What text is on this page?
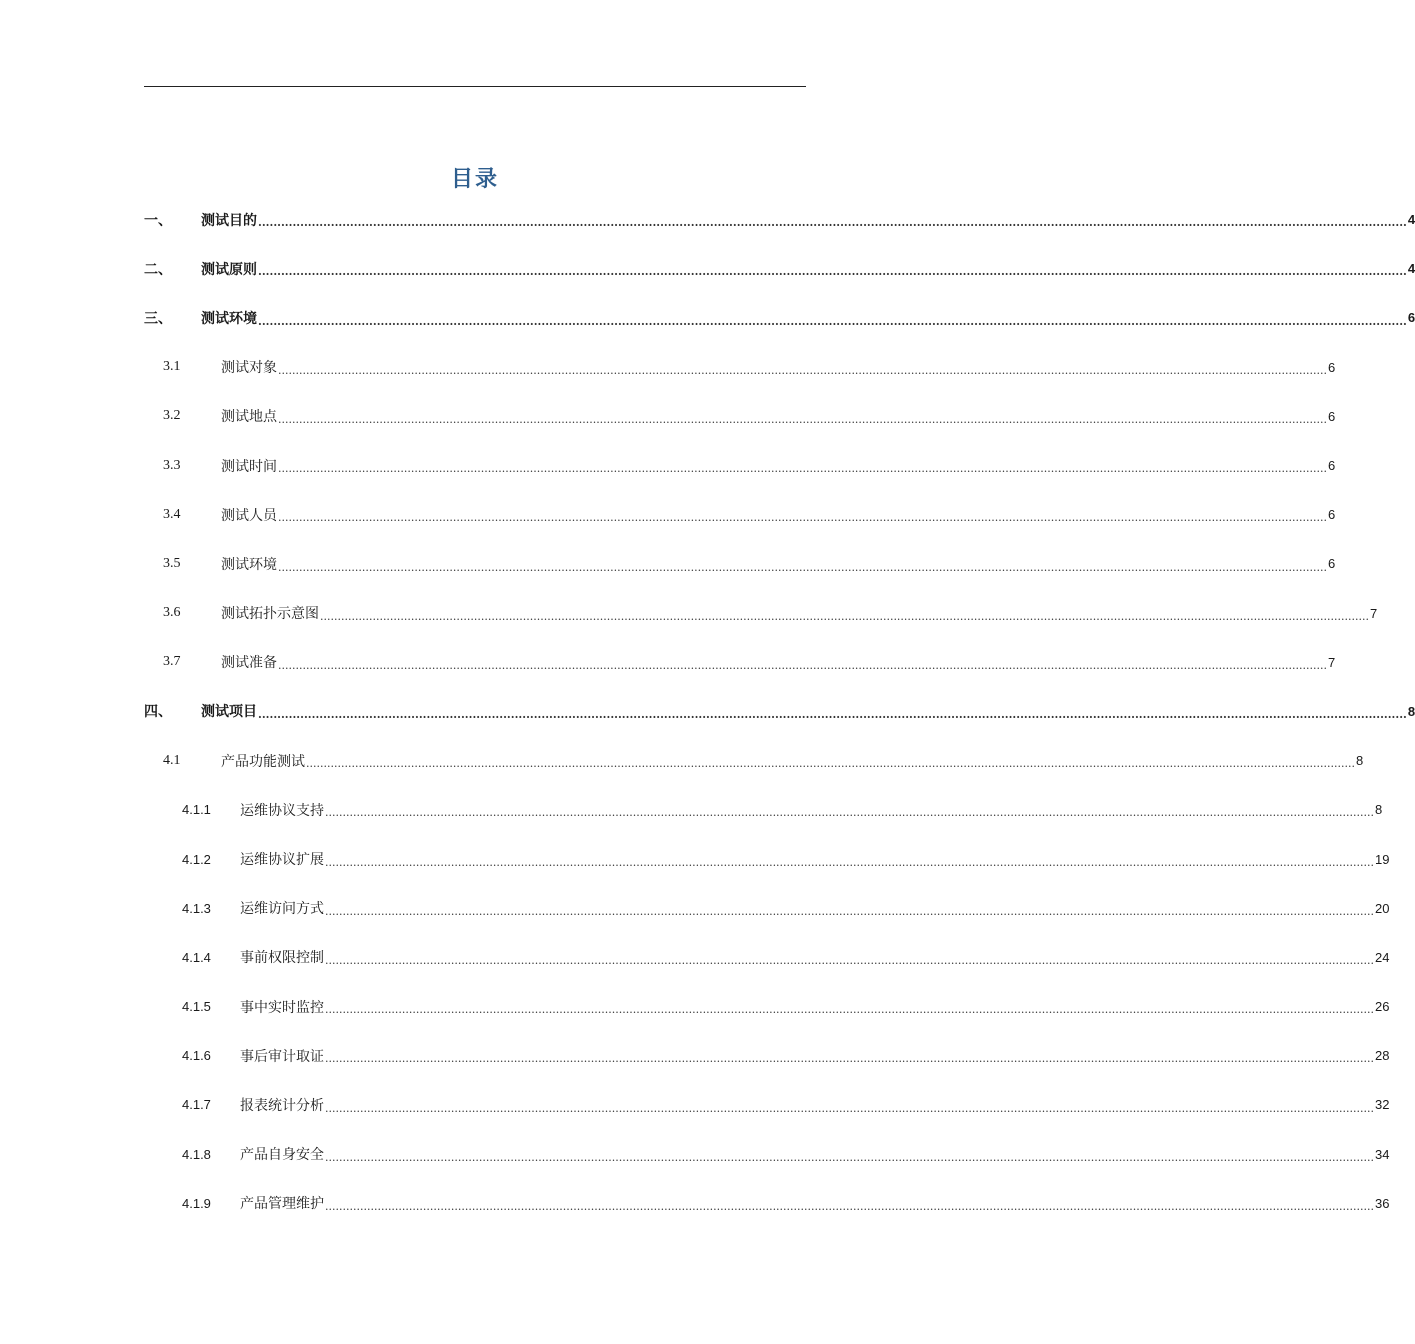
目录
一、	测试目的 ............................................................................................................................................................................................................................................................................................................ 4
二、	测试原则 ............................................................................................................................................................................................................................................................................................................ 4
三、	测试环境 ............................................................................................................................................................................................................................................................................................................ 6
3.1	测试对象 ............................................................................................................................................................................................................................................................................................................ 6
3.2	测试地点 ............................................................................................................................................................................................................................................................................................................ 6
3.3	测试时间 ............................................................................................................................................................................................................................................................................................................ 6
3.4	测试人员 ............................................................................................................................................................................................................................................................................................................ 6
3.5	测试环境 ............................................................................................................................................................................................................................................................................................................ 6
3.6	测试拓扑示意图 ............................................................................................................................................................................................................................................................................................................ 7
3.7	测试准备 ............................................................................................................................................................................................................................................................................................................ 7
四、	测试项目 ............................................................................................................................................................................................................................................................................................................ 8
4.1	产品功能测试 ............................................................................................................................................................................................................................................................................................................ 8
4.1.1	运维协议支持 ............................................................................................................................................................................................................................................................................................................ 8
4.1.2	运维协议扩展 ............................................................................................................................................................................................................................................................................................................ 19
4.1.3	运维访问方式 ............................................................................................................................................................................................................................................................................................................ 20
4.1.4	事前权限控制 ............................................................................................................................................................................................................................................................................................................ 24
4.1.5	事中实时监控 ............................................................................................................................................................................................................................................................................................................ 26
4.1.6	事后审计取证 ............................................................................................................................................................................................................................................................................................................ 28
4.1.7	报表统计分析 ............................................................................................................................................................................................................................................................................................................ 32
4.1.8	产品自身安全 ............................................................................................................................................................................................................................................................................................................ 34
4.1.9	产品管理维护 ............................................................................................................................................................................................................................................................................................................ 36
